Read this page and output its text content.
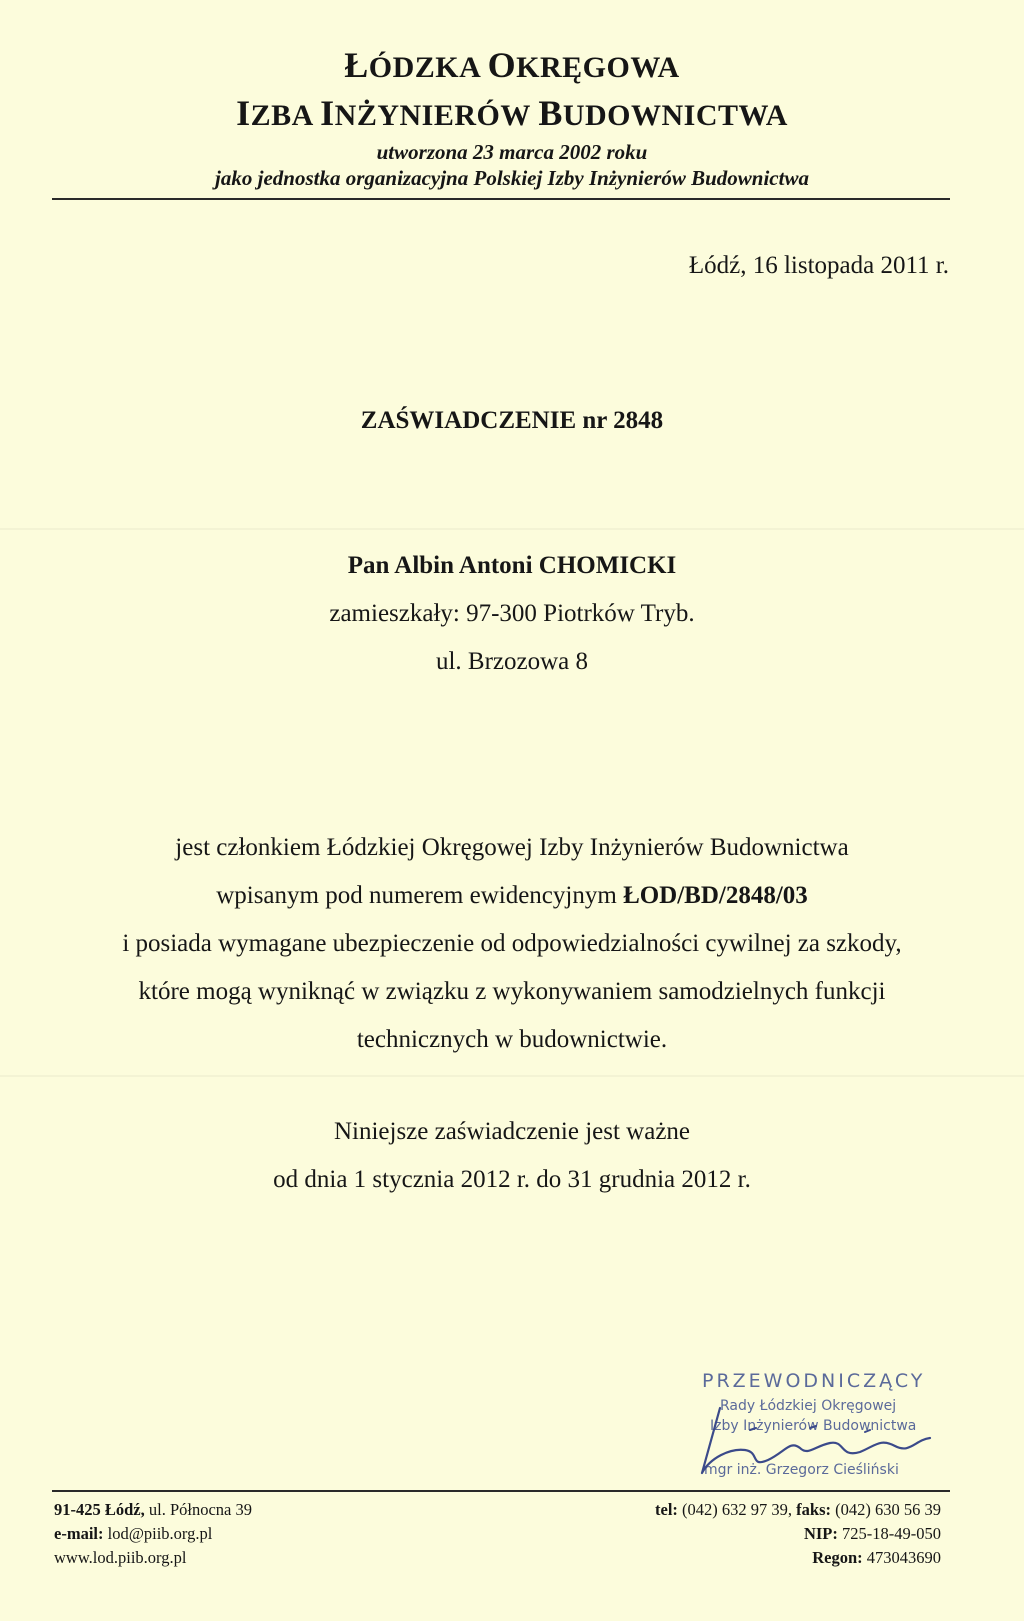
ŁÓDZKA OKRĘGOWA
IZBA INŻYNIERÓW BUDOWNICTWA
utworzona 23 marca 2002 roku
jako jednostka organizacyjna Polskiej Izby Inżynierów Budownictwa
Łódź, 16 listopada 2011 r.
ZAŚWIADCZENIE nr 2848
Pan Albin Antoni CHOMICKI
zamieszkały: 97-300 Piotrków Tryb.
ul. Brzozowa 8
jest członkiem Łódzkiej Okręgowej Izby Inżynierów Budownictwa
wpisanym pod numerem ewidencyjnym ŁOD/BD/2848/03
i posiada wymagane ubezpieczenie od odpowiedzialności cywilnej za szkody,
które mogą wyniknąć w związku z wykonywaniem samodzielnych funkcji
technicznych w budownictwie.
Niniejsze zaświadczenie jest ważne
od dnia 1 stycznia 2012 r. do 31 grudnia 2012 r.
PRZEWODNICZĄCY
Rady Łódzkiej Okręgowej
Izby Inżynierów Budownictwa
mgr inż. Grzegorz Cieśliński
91-425 Łódź, ul. Północna 39
e-mail: lod@piib.org.pl
www.lod.piib.org.pl
tel: (042) 632 97 39, faks: (042) 630 56 39
NIP: 725-18-49-050
Regon: 473043690
